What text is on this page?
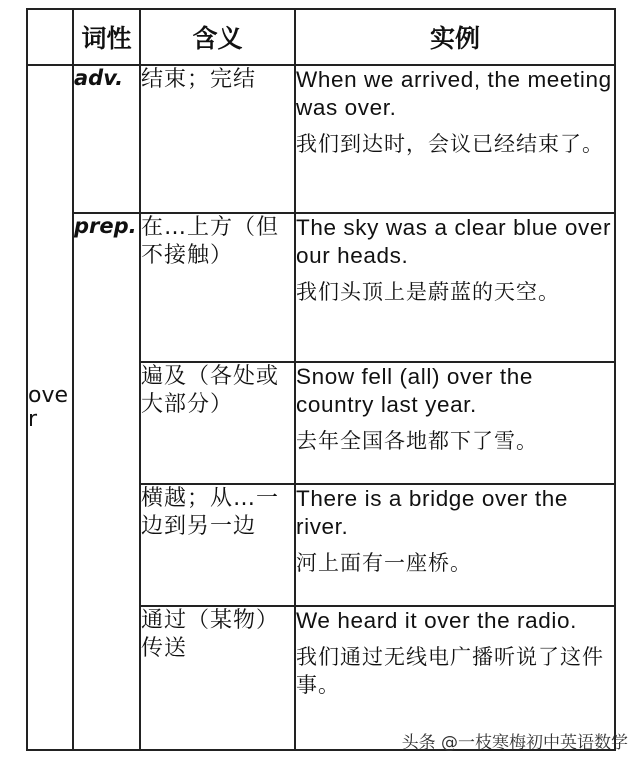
	词性	含义	实例
over	adv.	结束；完结	When we arrived, the meeting was over.
我们到达时，会议已经结束了。

	prep.	在…上方（但不接触）	The sky was a clear blue over our heads.
我们头顶上是蔚蓝的天空。

		遍及（各处或大部分）	Snow fell (all) over the country last year.
去年全国各地都下了雪。

		横越；从…一边到另一边	There is a bridge over the river.
河上面有一座桥。

		通过（某物）传送	We heard it over the radio.
我们通过无线电广播听说了这件事。
头条 @一枝寒梅初中英语数学
